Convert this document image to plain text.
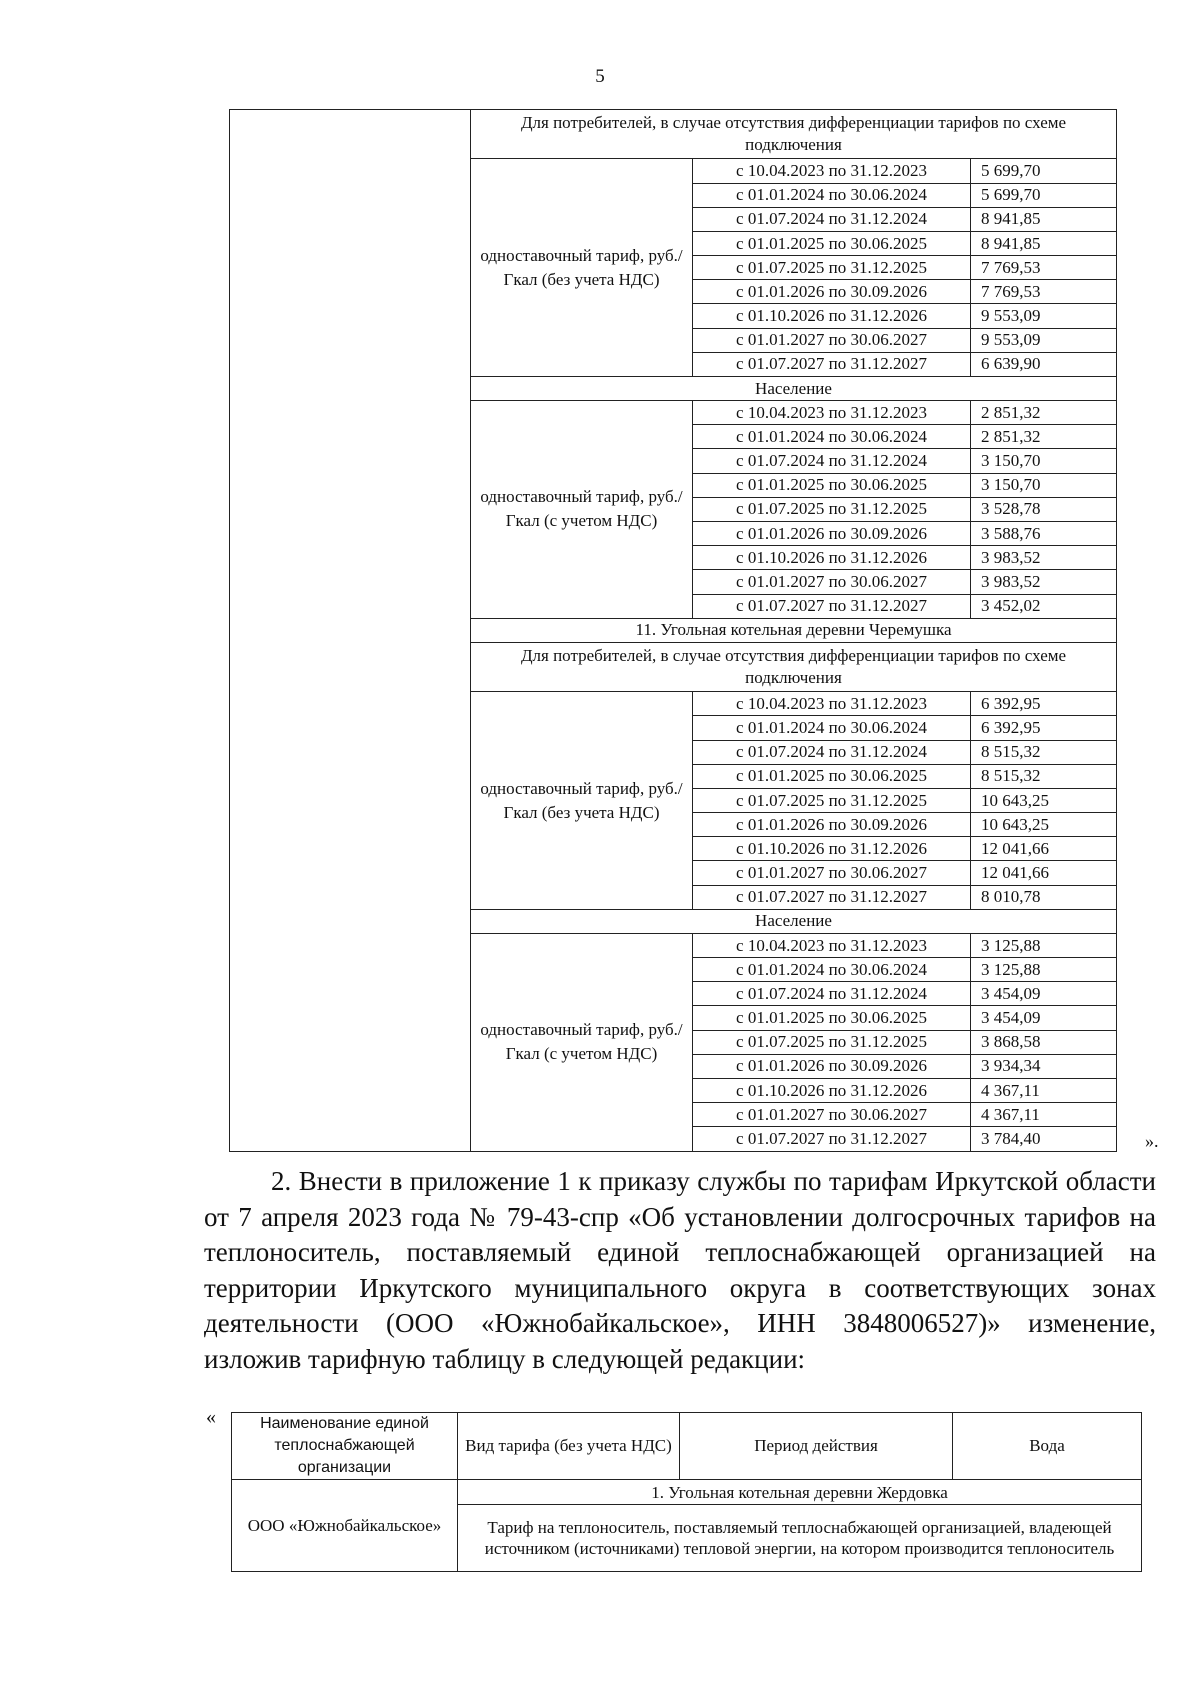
5
	Для потребителей, в случае отсутствия дифференциации тарифов по схеме подключения		
	одноставочный тариф, руб./Гкал (без учета НДС)	с 10.04.2023 по 31.12.2023	5 699,70
		с 01.01.2024 по 30.06.2024	5 699,70
		с 01.07.2024 по 31.12.2024	8 941,85
		с 01.01.2025 по 30.06.2025	8 941,85
		с 01.07.2025 по 31.12.2025	7 769,53
		с 01.01.2026 по 30.09.2026	7 769,53
		с 01.10.2026 по 31.12.2026	9 553,09
		с 01.01.2027 по 30.06.2027	9 553,09
		с 01.07.2027 по 31.12.2027	6 639,90
	Население		
	одноставочный тариф, руб./Гкал (с учетом НДС)	с 10.04.2023 по 31.12.2023	2 851,32
		с 01.01.2024 по 30.06.2024	2 851,32
		с 01.07.2024 по 31.12.2024	3 150,70
		с 01.01.2025 по 30.06.2025	3 150,70
		с 01.07.2025 по 31.12.2025	3 528,78
		с 01.01.2026 по 30.09.2026	3 588,76
		с 01.10.2026 по 31.12.2026	3 983,52
		с 01.01.2027 по 30.06.2027	3 983,52
		с 01.07.2027 по 31.12.2027	3 452,02
	11. Угольная котельная деревни Черемушка		
	Для потребителей, в случае отсутствия дифференциации тарифов по схеме подключения		
	одноставочный тариф, руб./Гкал (без учета НДС)	с 10.04.2023 по 31.12.2023	6 392,95
		с 01.01.2024 по 30.06.2024	6 392,95
		с 01.07.2024 по 31.12.2024	8 515,32
		с 01.01.2025 по 30.06.2025	8 515,32
		с 01.07.2025 по 31.12.2025	10 643,25
		с 01.01.2026 по 30.09.2026	10 643,25
		с 01.10.2026 по 31.12.2026	12 041,66
		с 01.01.2027 по 30.06.2027	12 041,66
		с 01.07.2027 по 31.12.2027	8 010,78
	Население		
	одноставочный тариф, руб./Гкал (с учетом НДС)	с 10.04.2023 по 31.12.2023	3 125,88
		с 01.01.2024 по 30.06.2024	3 125,88
		с 01.07.2024 по 31.12.2024	3 454,09
		с 01.01.2025 по 30.06.2025	3 454,09
		с 01.07.2025 по 31.12.2025	3 868,58
		с 01.01.2026 по 30.09.2026	3 934,34
		с 01.10.2026 по 31.12.2026	4 367,11
		с 01.01.2027 по 30.06.2027	4 367,11
		с 01.07.2027 по 31.12.2027	3 784,40	».

2. Внести в приложение 1 к приказу службы по тарифам Иркутской области от 7 апреля 2023 года № 79-43-спр «Об установлении долгосрочных тарифов на теплоноситель, поставляемый единой теплоснабжающей организацией на территории Иркутского муниципального округа в соответствующих зонах деятельности (ООО «Южнобайкальское», ИНН 3848006527)» изменение, изложив тарифную таблицу в следующей редакции:

«	Наименование единой теплоснабжающей организации	Вид тарифа (без учета НДС)	Период действия	Вода
ООО «Южнобайкальское»	1. Угольная котельная деревни Жердовка		
	Тариф на теплоноситель, поставляемый теплоснабжающей организацией, владеющей источником (источниками) тепловой энергии, на котором производится теплоноситель		
